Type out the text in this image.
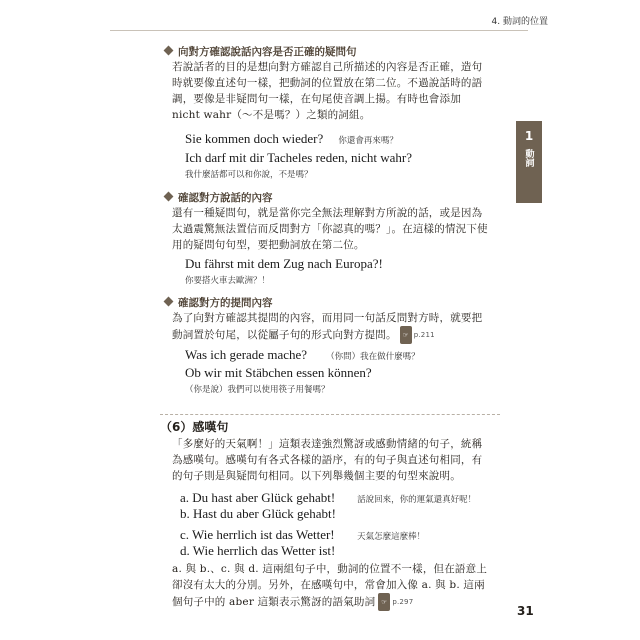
4. 動詞的位置
1
動詞
向對方確認說話內容是否正確的疑問句
若說話者的目的是想向對方確認自己所描述的內容是否正確，造句時就要像直述句一樣，把動詞的位置放在第二位。不過說話時的語調，要像是非疑問句一樣，在句尾使音調上揚。有時也會添加 nicht wahr（～不是嗎？）之類的詞組。
Sie kommen doch wieder? 你還會再來嗎？
Ich darf mit dir Tacheles reden, nicht wahr?
我什麼話都可以和你說，不是嗎？
確認對方說話的內容
還有一種疑問句，就是當你完全無法理解對方所說的話，或是因為太過震驚無法置信而反問對方「你認真的嗎？」。在這樣的情況下使用的疑問句句型，要把動詞放在第二位。
Du fährst mit dem Zug nach Europa?!
你要搭火車去歐洲？！
確認對方的提問內容
為了向對方確認其提問的內容，而用同一句話反問對方時，就要把動詞置於句尾，以從屬子句的形式向對方提問。 ☞ p.211
Was ich gerade mache? （你問）我在做什麼嗎？
Ob wir mit Stäbchen essen können?
（你是說）我們可以使用筷子用餐嗎？
（6）感嘆句
「多麼好的天氣啊！」這類表達強烈驚訝或感動情緒的句子，統稱為感嘆句。感嘆句有各式各樣的語序，有的句子與直述句相同，有的句子則是與疑問句相同。以下列舉幾個主要的句型來說明。
a. Du hast aber Glück gehabt!	話說回來，你的運氣還真好呢！
b. Hast du aber Glück gehabt!
c. Wie herrlich ist das Wetter!	天氣怎麼這麼棒！
d. Wie herrlich das Wetter ist!
a. 與 b.、c. 與 d. 這兩組句子中，動詞的位置不一樣，但在語意上卻沒有太大的分別。另外，在感嘆句中，常會加入像 a. 與 b. 這兩個句子中的 aber 這類表示驚訝的語氣助詞 ☞ p.297
31
